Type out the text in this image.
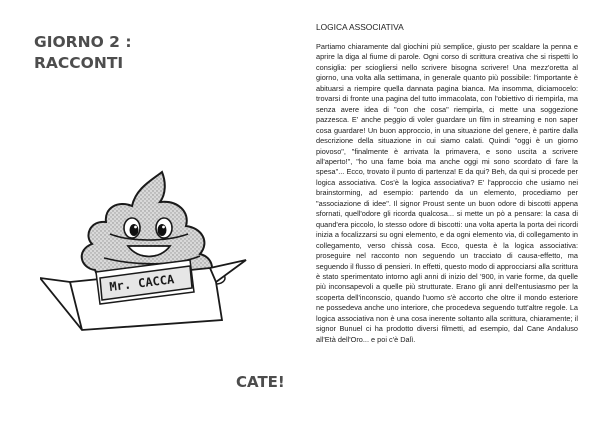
GIORNO 2 :
RACCONTI
Mr. CACCA
CATE!
LOGICA ASSOCIATIVA

Partiamo chiaramente dal giochini più semplice, giusto per scaldare la penna e aprire la diga al fiume di parole. Ogni corso di scrittura creativa che si rispetti lo consiglia: per sciogliersi nello scrivere bisogna scrivere! Una mezz'oretta al giorno, una volta alla settimana, in generale quanto più possibile: l'importante è abituarsi a riempire quella dannata pagina bianca. Ma insomma, diciamocelo: trovarsi di fronte una pagina del tutto immacolata, con l'obiettivo di riempirla, ma senza avere idea di "con che cosa" riempirla, ci mette una soggezione pazzesca. E' anche peggio di voler guardare un film in streaming e non saper cosa guardare! Un buon approccio, in una situazione del genere, è partire dalla descrizione della situazione in cui siamo calati. Quindi "oggi è un giorno piovoso", "finalmente è arrivata la primavera, e sono uscita a scrivere all'aperto!", "ho una fame boia ma anche oggi mi sono scordato di fare la spesa"... Ecco, trovato il punto di partenza! E da qui? Beh, da qui si procede per logica associativa. Cos'è la logica associativa? E' l'approccio che usiamo nei brainstorming, ad esempio: partendo da un elemento, procediamo per "associazione di idee". Il signor Proust sente un buon odore di biscotti appena sfornati, quell'odore gli ricorda qualcosa... si mette un pò a pensare: la casa di quand'era piccolo, lo stesso odore di biscotti: una volta aperta la porta dei ricordi inizia a focalizzarsi su ogni elemento, e da ogni elemento via, di collegamento in collegamento, verso chissà cosa. Ecco, questa è la logica associativa: proseguire nel racconto non seguendo un tracciato di causa-effetto, ma seguendo il flusso di pensieri. In effetti, questo modo di approcciarsi alla scrittura è stato sperimentato intorno agli anni di inizio del '900, in varie forme, da quelle più inconsapevoli a quelle più strutturate. Erano gli anni dell'entusiasmo per la scoperta dell'inconscio, quando l'uomo s'è accorto che oltre il mondo esteriore ne possedeva anche uno interiore, che procedeva seguendo tutt'altre regole. La logica associativa non è una cosa inerente soltanto alla scrittura, chiaramente; il signor Bunuel ci ha prodotto diversi filmetti, ad esempio, dal Cane Andaluso all'Età dell'Oro... e poi c'è Dalì.
